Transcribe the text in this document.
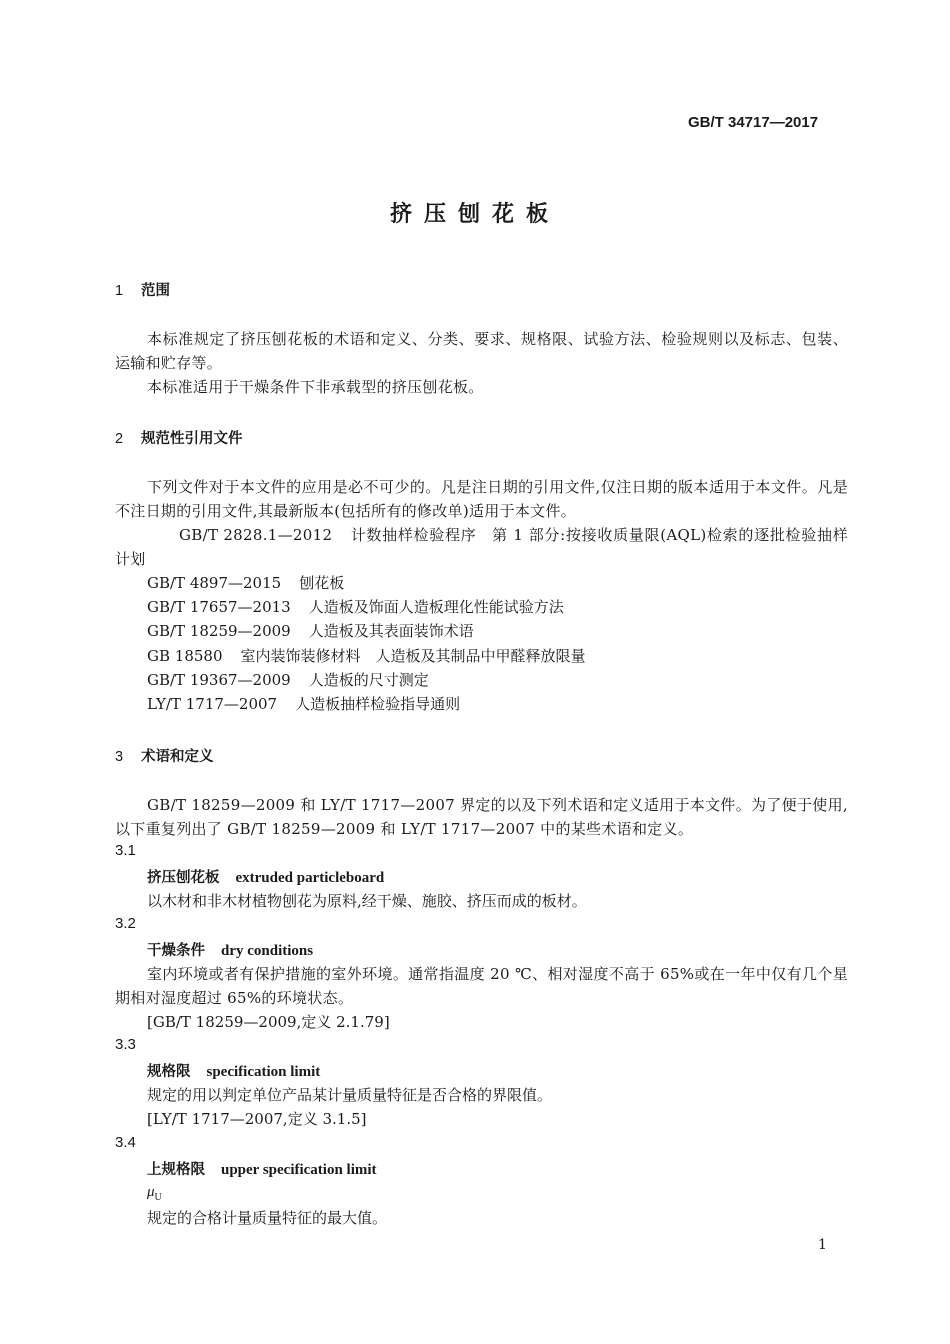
GB/T 34717—2017
挤压刨花板
1 范围
本标准规定了挤压刨花板的术语和定义、分类、要求、规格限、试验方法、检验规则以及标志、包装、运输和贮存等。
本标准适用于干燥条件下非承载型的挤压刨花板。
2 规范性引用文件
下列文件对于本文件的应用是必不可少的。凡是注日期的引用文件,仅注日期的版本适用于本文件。凡是不注日期的引用文件,其最新版本(包括所有的修改单)适用于本文件。
GB/T 2828.1—2012 计数抽样检验程序　第 1 部分:按接收质量限(AQL)检索的逐批检验抽样计划
GB/T 4897—2015 刨花板
GB/T 17657—2013 人造板及饰面人造板理化性能试验方法
GB/T 18259—2009 人造板及其表面装饰术语
GB 18580 室内装饰装修材料　人造板及其制品中甲醛释放限量
GB/T 19367—2009 人造板的尺寸测定
LY/T 1717—2007 人造板抽样检验指导通则
3 术语和定义
GB/T 18259—2009 和 LY/T 1717—2007 界定的以及下列术语和定义适用于本文件。为了便于使用,以下重复列出了 GB/T 18259—2009 和 LY/T 1717—2007 中的某些术语和定义。
3.1
挤压刨花板 extruded particleboard
以木材和非木材植物刨花为原料,经干燥、施胶、挤压而成的板材。
3.2
干燥条件 dry conditions
室内环境或者有保护措施的室外环境。通常指温度 20 ℃、相对湿度不高于 65%或在一年中仅有几个星期相对湿度超过 65%的环境状态。
[GB/T 18259—2009,定义 2.1.79]
3.3
规格限 specification limit
规定的用以判定单位产品某计量质量特征是否合格的界限值。
[LY/T 1717—2007,定义 3.1.5]
3.4
上规格限 upper specification limit
$\mu_U$
规定的合格计量质量特征的最大值。
1
